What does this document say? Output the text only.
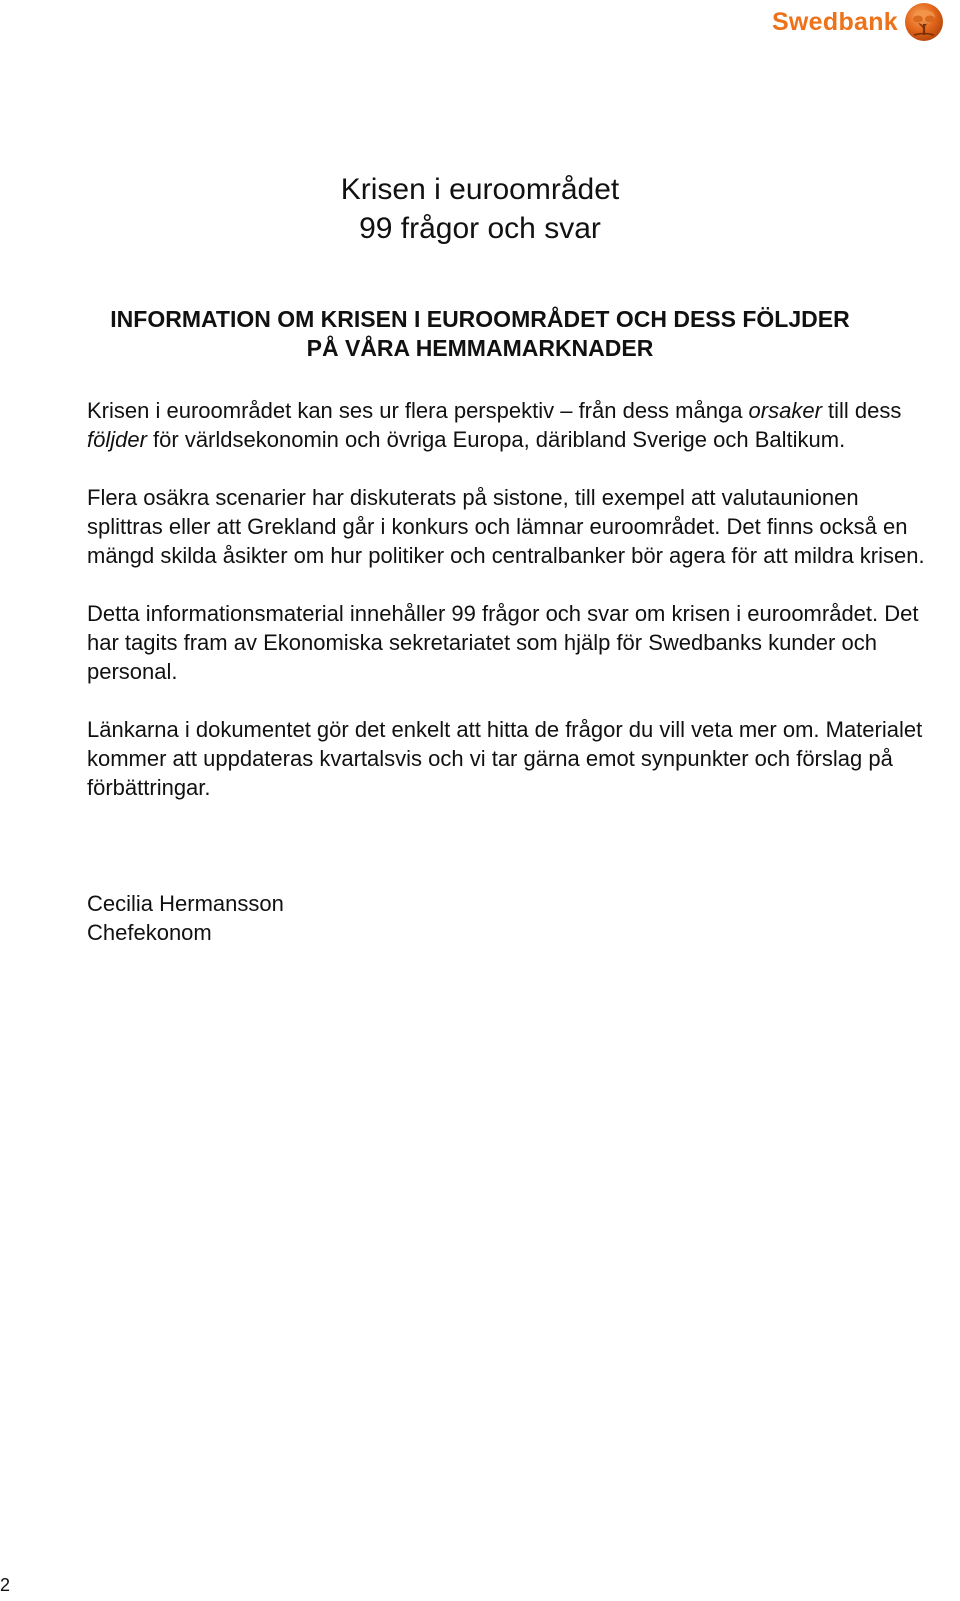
Swedbank
Krisen i euroområdet
99 frågor och svar
INFORMATION OM KRISEN I EUROOMRÅDET OCH DESS FÖLJDER
PÅ VÅRA HEMMAMARKNADER

Krisen i euroområdet kan ses ur flera perspektiv – från dess många orsaker till dess följder för världsekonomin och övriga Europa, däribland Sverige och Baltikum.

Flera osäkra scenarier har diskuterats på sistone, till exempel att valutaunionen splittras eller att Grekland går i konkurs och lämnar euroområdet. Det finns också en mängd skilda åsikter om hur politiker och centralbanker bör agera för att mildra krisen.

Detta informationsmaterial innehåller 99 frågor och svar om krisen i euroområdet. Det har tagits fram av Ekonomiska sekretariatet som hjälp för Swedbanks kunder och personal.

Länkarna i dokumentet gör det enkelt att hitta de frågor du vill veta mer om. Materialet kommer att uppdateras kvartalsvis och vi tar gärna emot synpunkter och förslag på förbättringar.

Cecilia Hermansson
Chefekonom
2
